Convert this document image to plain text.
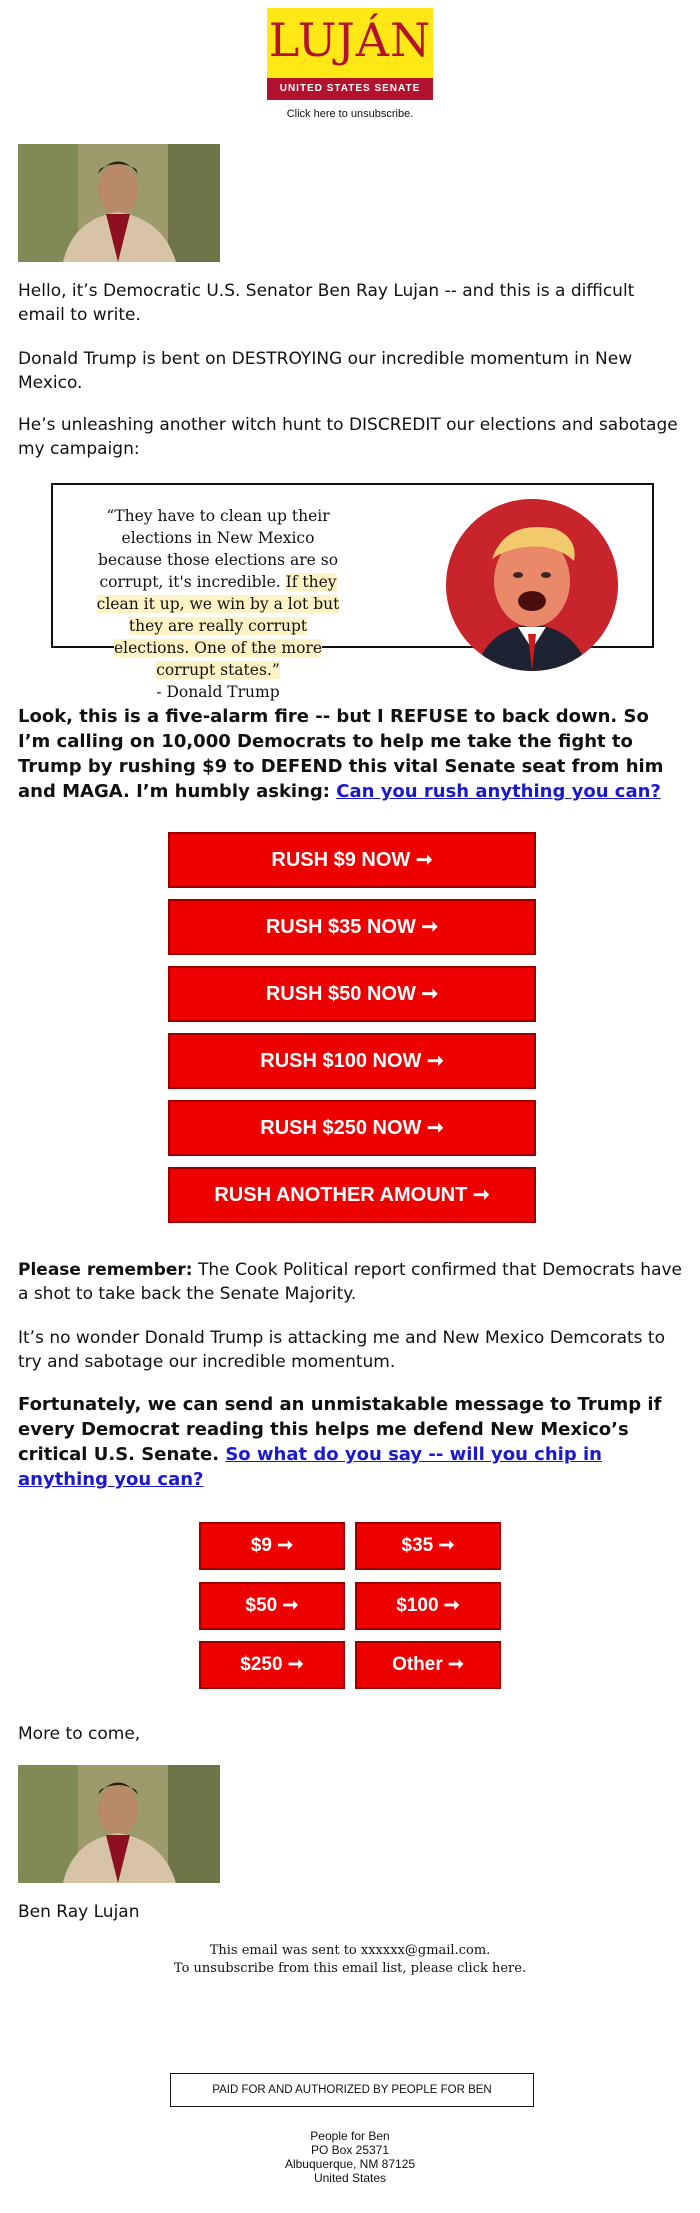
LUJÁN
UNITED STATES SENATE
Click here to unsubscribe.
Hello, it’s Democratic U.S. Senator Ben Ray Lujan -- and this is a difficult email to write.
Donald Trump is bent on DESTROYING our incredible momentum in New Mexico.
He’s unleashing another witch hunt to DISCREDIT our elections and sabotage my campaign:
“They have to clean up their elections in New Mexico because those elections are so corrupt, it's incredible. If they clean it up, we win by a lot but they are really corrupt elections. One of the more corrupt states.”
- Donald Trump
Look, this is a five-alarm fire -- but I REFUSE to back down. So I’m calling on 10,000 Democrats to help me take the fight to Trump by rushing $9 to DEFEND this vital Senate seat from him and MAGA. I’m humbly asking: Can you rush anything you can?
RUSH $9 NOW ➞
RUSH $35 NOW ➞
RUSH $50 NOW ➞
RUSH $100 NOW ➞
RUSH $250 NOW ➞
RUSH ANOTHER AMOUNT ➞
Please remember: The Cook Political report confirmed that Democrats have a shot to take back the Senate Majority.
It’s no wonder Donald Trump is attacking me and New Mexico Demcorats to try and sabotage our incredible momentum.
Fortunately, we can send an unmistakable message to Trump if every Democrat reading this helps me defend New Mexico’s critical U.S. Senate. So what do you say -- will you chip in anything you can?
$9 ➞	$35 ➞
$50 ➞	$100 ➞
$250 ➞	Other ➞
More to come,
Ben Ray Lujan
This email was sent to xxxxxx@gmail.com.
To unsubscribe from this email list, please click here.
PAID FOR AND AUTHORIZED BY PEOPLE FOR BEN
People for Ben
PO Box 25371
Albuquerque, NM 87125
United States
